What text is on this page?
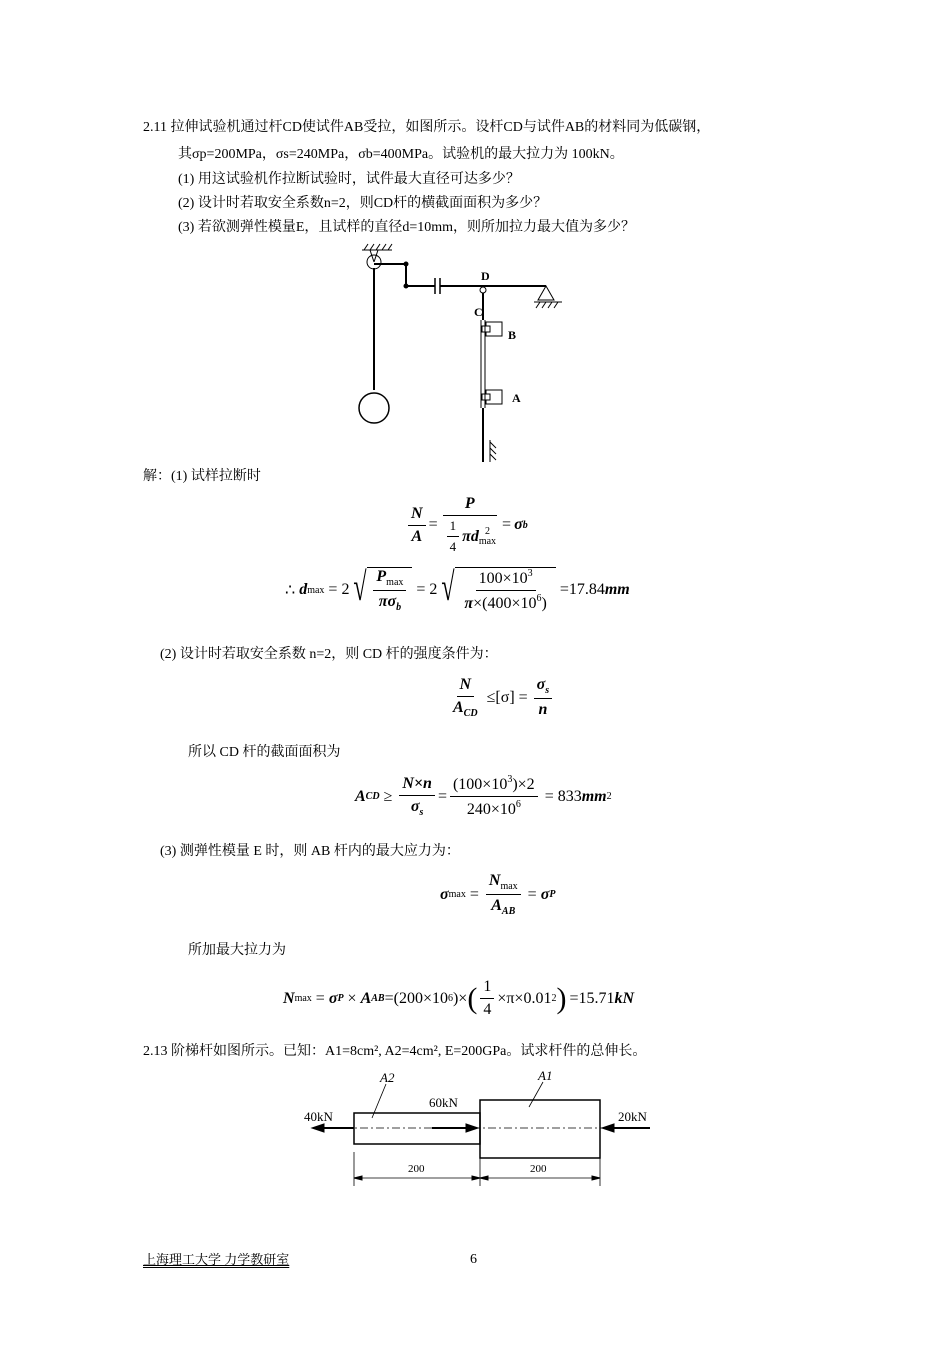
2.11 拉伸试验机通过杆CD使试件AB受拉，如图所示。设杆CD与试件AB的材料同为低碳钢，
其σp=200MPa，σs=240MPa，σb=400MPa。试验机的最大拉力为 100kN。
(1) 用这试验机作拉断试验时，试件最大直径可达多少？
(2) 设计时若取安全系数n=2，则CD杆的横截面面积为多少？
(3) 若欲测弹性模量E，且试样的直径d=10mm，则所加拉力最大值为多少？
D
C
B
A
解：(1) 试样拉断时
$\frac{N}{A} = P$
$\frac{1}{4}$ π d 2
max = σ b
∴ d max = 2 √ $\frac{P_{max}}{\pi\sigma_b} = 2$ √ $\frac{100\times 10^3}{\pi\times(400\times 10^6)} =17.84$ mm
(2) 设计时若取安全系数 n=2，则 CD 杆的强度条件为：
$\frac{N}{A_{CD}} \le[\sigma] = \frac{\sigma_s}{n}$
所以 CD 杆的截面面积为
A CD ≥ $\frac{N\times n}{\sigma_s} = \frac{(100\times 10^3)\times 2}{240\times 10^6} = 833$ mm 2
(3) 测弹性模量 E 时，则 AB 杆内的最大应力为：
σ $\max = \frac{N_{max}}{A_{AB}} = \sigma$ P
所加最大拉力为
N max = σ P × A AB =(200×10 6 )× ( $\frac{1}{4} \times\pi\times 0.01$ 2 ) =15.71 kN
2.13 阶梯杆如图所示。已知：A1=8cm², A2=4cm², E=200GPa。试求杆件的总伸长。
A2	A1
40kN
60kN
20kN
200	200
上海理工大学 力学教研室	6
